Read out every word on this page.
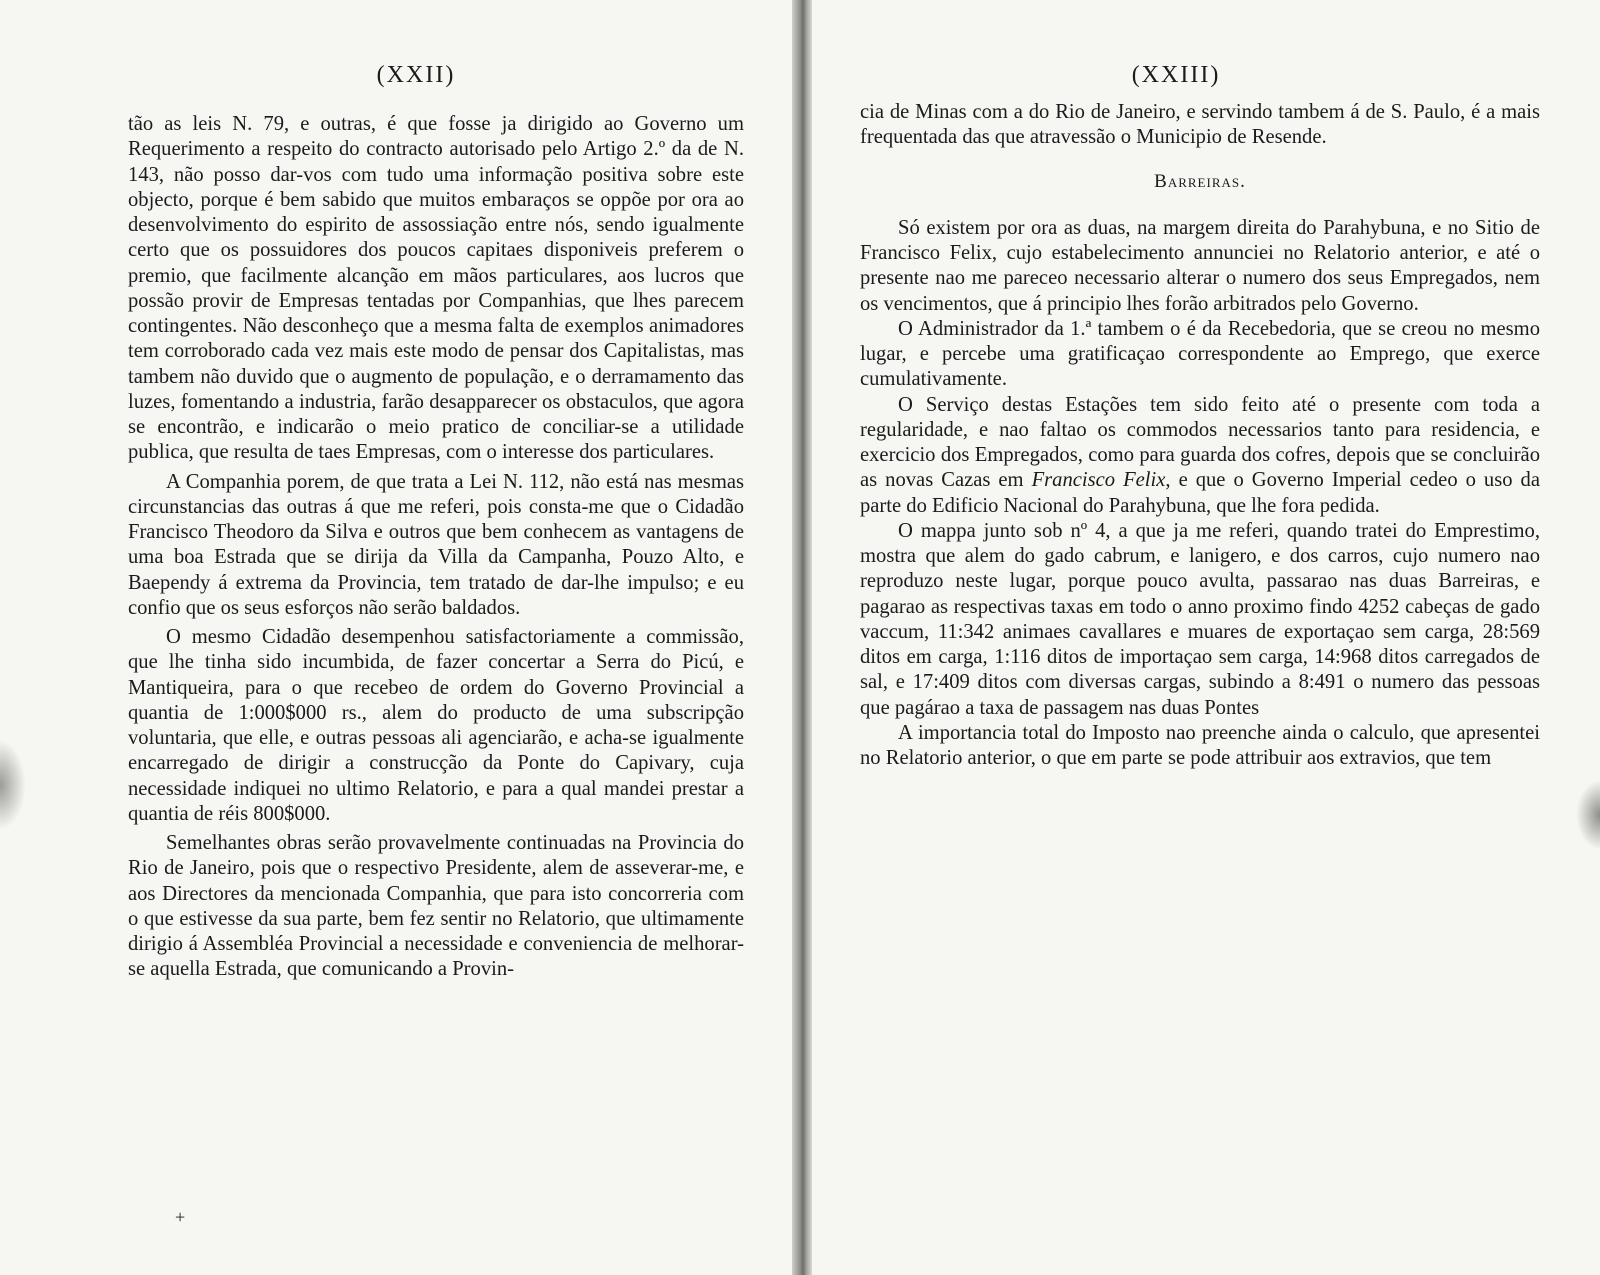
(XXII)

tão as leis N. 79, e outras, é que fosse ja dirigido ao Governo um Requerimento a respeito do contracto autorisado pelo Artigo 2.º da de N. 143, não posso dar-vos com tudo uma informação positiva sobre este objecto, porque é bem sabido que muitos embaraços se oppõe por ora ao desenvolvimento do espirito de assossiação entre nós, sendo igualmente certo que os possuidores dos poucos capitaes disponiveis preferem o premio, que facilmente alcanção em mãos particulares, aos lucros que possão provir de Empresas tentadas por Companhias, que lhes parecem contingentes. Não desconheço que a mesma falta de exemplos animadores tem corroborado cada vez mais este modo de pensar dos Capitalistas, mas tambem não duvido que o augmento de população, e o derramamento das luzes, fomentando a industria, farão desapparecer os obstaculos, que agora se encontrão, e indicarão o meio pratico de conciliar-se a utilidade publica, que resulta de taes Empresas, com o interesse dos particulares.

A Companhia porem, de que trata a Lei N. 112, não está nas mesmas circunstancias das outras á que me referi, pois consta-me que o Cidadão Francisco Theodoro da Silva e outros que bem conhecem as vantagens de uma boa Estrada que se dirija da Villa da Campanha, Pouzo Alto, e Baependy á extrema da Provincia, tem tratado de dar-lhe impulso; e eu confio que os seus esforços não serão baldados.

O mesmo Cidadão desempenhou satisfactoriamente a commissão, que lhe tinha sido incumbida, de fazer concertar a Serra do Picú, e Mantiqueira, para o que recebeo de ordem do Governo Provincial a quantia de 1:000$000 rs., alem do producto de uma subscripção voluntaria, que elle, e outras pessoas ali agenciarão, e acha-se igualmente encarregado de dirigir a construcção da Ponte do Capivary, cuja necessidade indiquei no ultimo Relatorio, e para a qual mandei prestar a quantia de réis 800$000.

Semelhantes obras serão provavelmente continuadas na Provincia do Rio de Janeiro, pois que o respectivo Presidente, alem de asseverar-me, e aos Directores da mencionada Companhia, que para isto concorreria com o que estivesse da sua parte, bem fez sentir no Relatorio, que ultimamente dirigio á Assembléa Provincial a necessidade e conveniencia de melhorar-se aquella Estrada, que comunicando a Provin-

+
(XXIII)

cia de Minas com a do Rio de Janeiro, e servindo tambem á de S. Paulo, é a mais frequentada das que atravessão o Municipio de Resende.

Barreiras.

Só existem por ora as duas, na margem direita do Parahybuna, e no Sitio de Francisco Felix, cujo estabelecimento annunciei no Relatorio anterior, e até o presente nao me pareceo necessario alterar o numero dos seus Empregados, nem os vencimentos, que á principio lhes forão arbitrados pelo Governo.

O Administrador da 1.ª tambem o é da Recebedoria, que se creou no mesmo lugar, e percebe uma gratificaçao correspondente ao Emprego, que exerce cumulativamente.

O Serviço destas Estações tem sido feito até o presente com toda a regularidade, e nao faltao os commodos necessarios tanto para residencia, e exercicio dos Empregados, como para guarda dos cofres, depois que se concluirão as novas Cazas em Francisco Felix, e que o Governo Imperial cedeo o uso da parte do Edificio Nacional do Parahybuna, que lhe fora pedida.

O mappa junto sob nº 4, a que ja me referi, quando tratei do Emprestimo, mostra que alem do gado cabrum, e lanigero, e dos carros, cujo numero nao reproduzo neste lugar, porque pouco avulta, passarao nas duas Barreiras, e pagarao as respectivas taxas em todo o anno proximo findo 4252 cabeças de gado vaccum, 11:342 animaes cavallares e muares de exportaçao sem carga, 28:569 ditos em carga, 1:116 ditos de importaçao sem carga, 14:968 ditos carregados de sal, e 17:409 ditos com diversas cargas, subindo a 8:491 o numero das pessoas que pagárao a taxa de passagem nas duas Pontes

A importancia total do Imposto nao preenche ainda o calculo, que apresentei no Relatorio anterior, o que em parte se pode attribuir aos extravios, que tem
